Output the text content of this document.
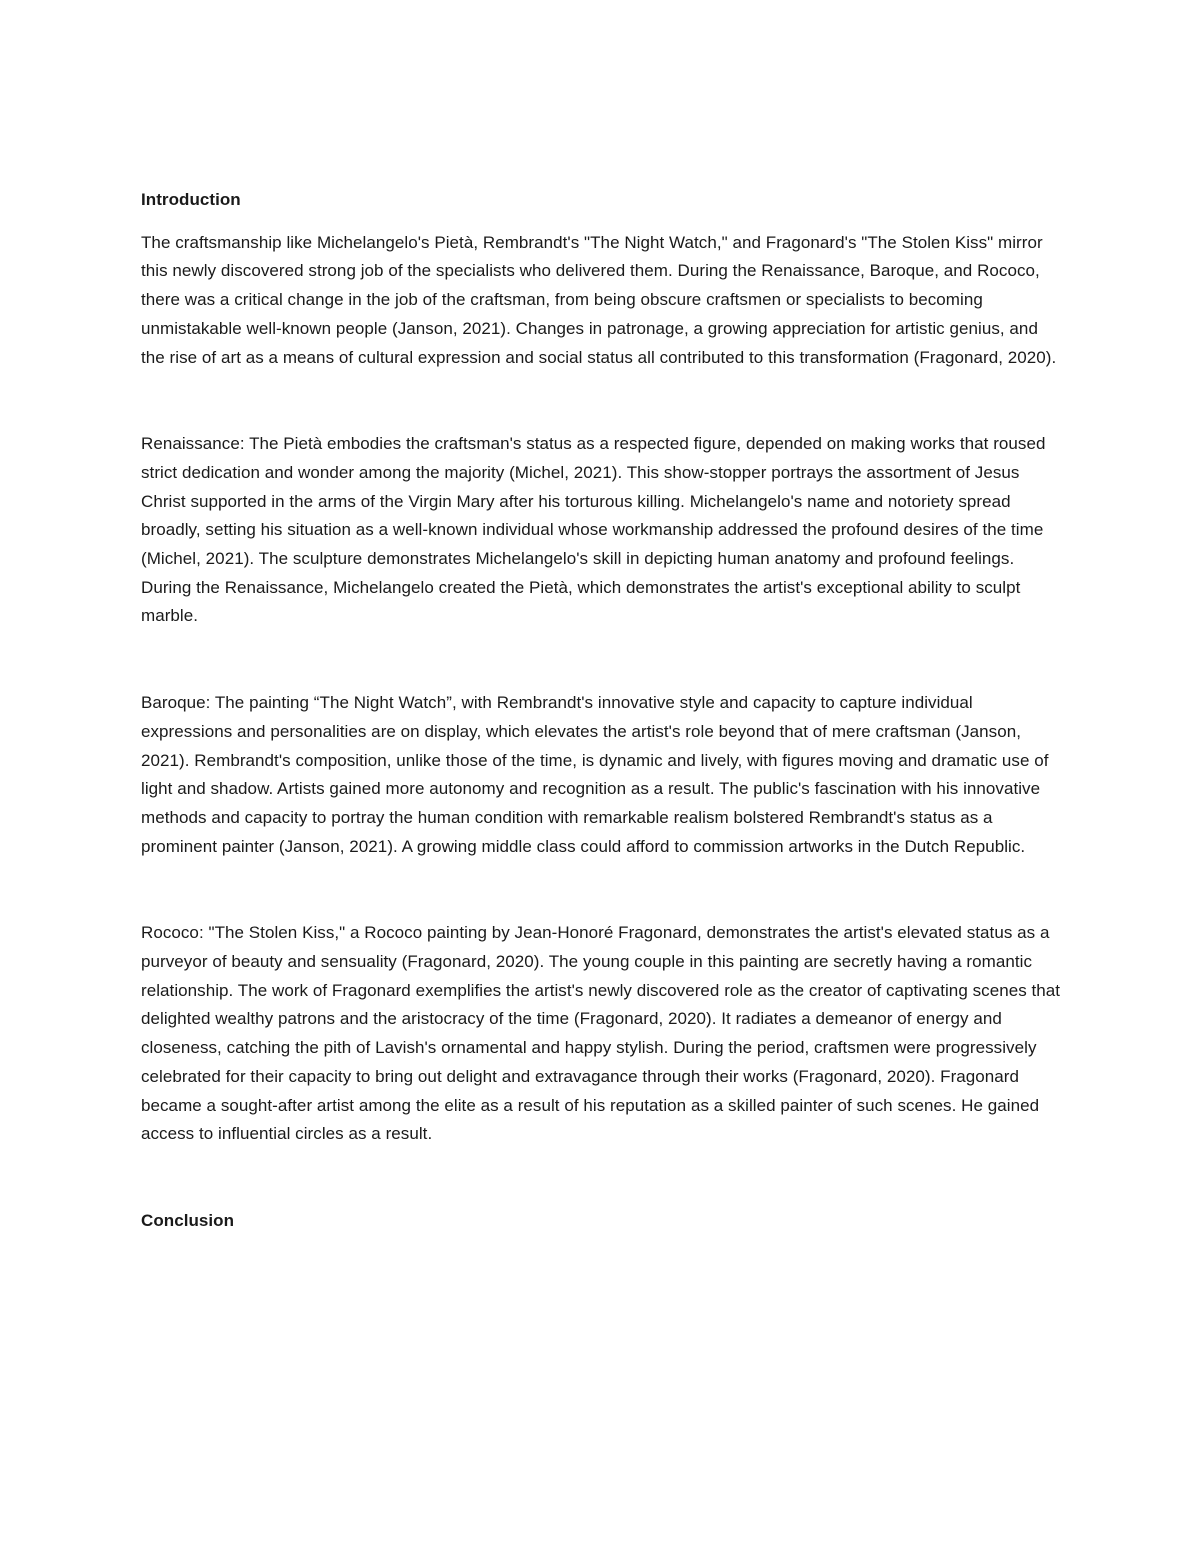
Introduction

The craftsmanship like Michelangelo's Pietà, Rembrandt's "The Night Watch," and Fragonard's "The Stolen Kiss" mirror this newly discovered strong job of the specialists who delivered them. During the Renaissance, Baroque, and Rococo, there was a critical change in the job of the craftsman, from being obscure craftsmen or specialists to becoming unmistakable well-known people (Janson, 2021). Changes in patronage, a growing appreciation for artistic genius, and the rise of art as a means of cultural expression and social status all contributed to this transformation (Fragonard, 2020).

Renaissance: The Pietà embodies the craftsman's status as a respected figure, depended on making works that roused strict dedication and wonder among the majority (Michel, 2021). This show-stopper portrays the assortment of Jesus Christ supported in the arms of the Virgin Mary after his torturous killing. Michelangelo's name and notoriety spread broadly, setting his situation as a well-known individual whose workmanship addressed the profound desires of the time (Michel, 2021). The sculpture demonstrates Michelangelo's skill in depicting human anatomy and profound feelings. During the Renaissance, Michelangelo created the Pietà, which demonstrates the artist's exceptional ability to sculpt marble.

Baroque: The painting “The Night Watch”, with Rembrandt's innovative style and capacity to capture individual expressions and personalities are on display, which elevates the artist's role beyond that of mere craftsman (Janson, 2021). Rembrandt's composition, unlike those of the time, is dynamic and lively, with figures moving and dramatic use of light and shadow. Artists gained more autonomy and recognition as a result. The public's fascination with his innovative methods and capacity to portray the human condition with remarkable realism bolstered Rembrandt's status as a prominent painter (Janson, 2021). A growing middle class could afford to commission artworks in the Dutch Republic.

Rococo: "The Stolen Kiss," a Rococo painting by Jean-Honoré Fragonard, demonstrates the artist's elevated status as a purveyor of beauty and sensuality (Fragonard, 2020). The young couple in this painting are secretly having a romantic relationship. The work of Fragonard exemplifies the artist's newly discovered role as the creator of captivating scenes that delighted wealthy patrons and the aristocracy of the time (Fragonard, 2020). It radiates a demeanor of energy and closeness, catching the pith of Lavish's ornamental and happy stylish. During the period, craftsmen were progressively celebrated for their capacity to bring out delight and extravagance through their works (Fragonard, 2020). Fragonard became a sought-after artist among the elite as a result of his reputation as a skilled painter of such scenes. He gained access to influential circles as a result.

Conclusion
